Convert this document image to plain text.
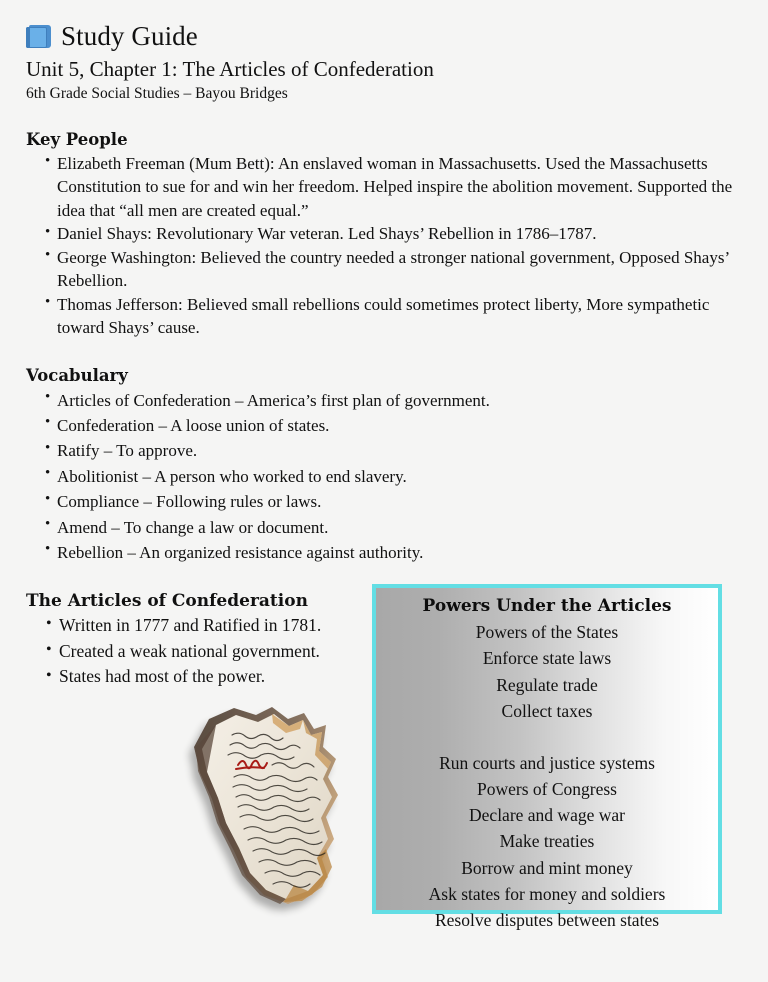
Study Guide
Unit 5, Chapter 1: The Articles of Confederation
6th Grade Social Studies – Bayou Bridges
Key People
• Elizabeth Freeman (Mum Bett): An enslaved woman in Massachusetts. Used the Massachusetts Constitution to sue for and win her freedom. Helped inspire the abolition movement. Supported the idea that “all men are created equal.”
• Daniel Shays: Revolutionary War veteran. Led Shays’ Rebellion in 1786–1787.
• George Washington: Believed the country needed a stronger national government, Opposed Shays’ Rebellion.
• Thomas Jefferson: Believed small rebellions could sometimes protect liberty, More sympathetic toward Shays’ cause.
Vocabulary
• Articles of Confederation – America’s first plan of government.
• Confederation – A loose union of states.
• Ratify – To approve.
• Abolitionist – A person who worked to end slavery.
• Compliance – Following rules or laws.
• Amend – To change a law or document.
• Rebellion – An organized resistance against authority.
The Articles of Confederation
• Written in 1777 and Ratified in 1781.
• Created a weak national government.
• States had most of the power.
Powers Under the Articles
Powers of the States
Enforce state laws
Regulate trade
Collect taxes
Run courts and justice systems
Powers of Congress
Declare and wage war
Make treaties
Borrow and mint money
Ask states for money and soldiers
Resolve disputes between states
